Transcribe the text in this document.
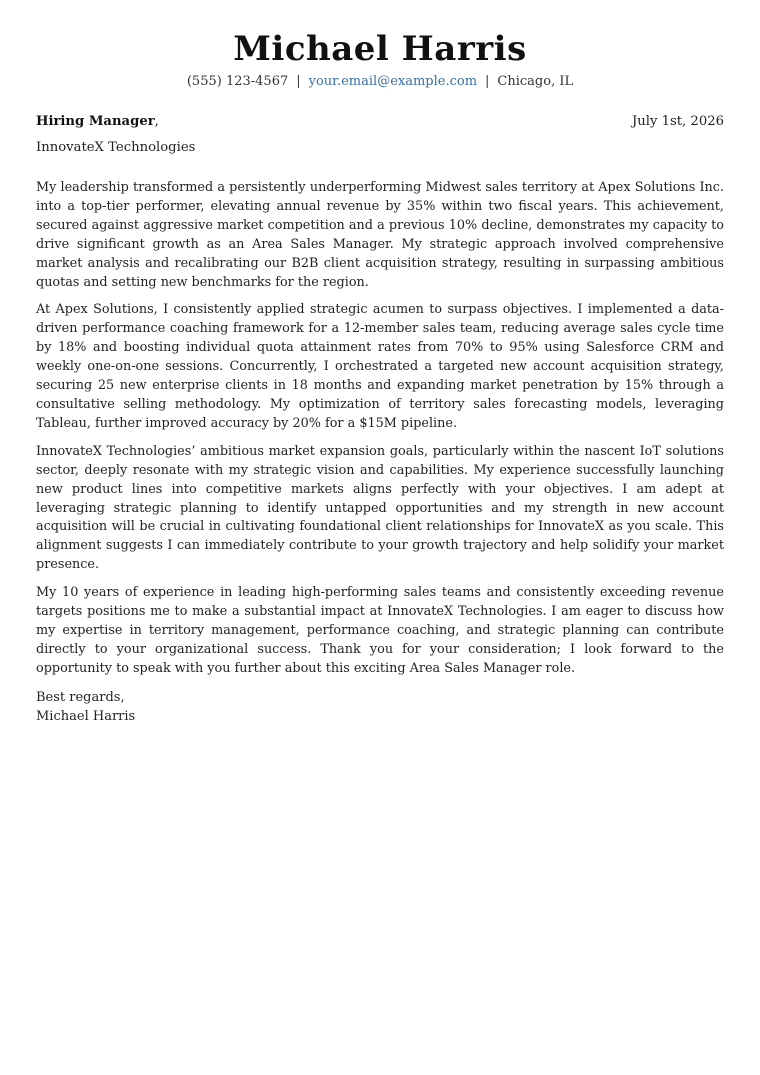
Michael Harris
(555) 123-4567 | your.email@example.com | Chicago, IL
Hiring Manager,	July 1st, 2026
InnovateX Technologies

My leadership transformed a persistently underperforming Midwest sales territory at Apex Solutions Inc. into a top-tier performer, elevating annual revenue by 35% within two fiscal years. This achievement, secured against aggressive market competition and a previous 10% decline, demonstrates my capacity to drive significant growth as an Area Sales Manager. My strategic approach involved comprehensive market analysis and recalibrating our B2B client acquisition strategy, resulting in surpassing ambitious quotas and setting new benchmarks for the region.

At Apex Solutions, I consistently applied strategic acumen to surpass objectives. I implemented a data-driven performance coaching framework for a 12-member sales team, reducing average sales cycle time by 18% and boosting individual quota attainment rates from 70% to 95% using Salesforce CRM and weekly one-on-one sessions. Concurrently, I orchestrated a targeted new account acquisition strategy, securing 25 new enterprise clients in 18 months and expanding market penetration by 15% through a consultative selling methodology. My optimization of territory sales forecasting models, leveraging Tableau, further improved accuracy by 20% for a $15M pipeline.

InnovateX Technologies’ ambitious market expansion goals, particularly within the nascent IoT solutions sector, deeply resonate with my strategic vision and capabilities. My experience successfully launching new product lines into competitive markets aligns perfectly with your objectives. I am adept at leveraging strategic planning to identify untapped opportunities and my strength in new account acquisition will be crucial in cultivating foundational client relationships for InnovateX as you scale. This alignment suggests I can immediately contribute to your growth trajectory and help solidify your market presence.

My 10 years of experience in leading high-performing sales teams and consistently exceeding revenue targets positions me to make a substantial impact at InnovateX Technologies. I am eager to discuss how my expertise in territory management, performance coaching, and strategic planning can contribute directly to your organizational success. Thank you for your consideration; I look forward to the opportunity to speak with you further about this exciting Area Sales Manager role.

Best regards,
Michael Harris
